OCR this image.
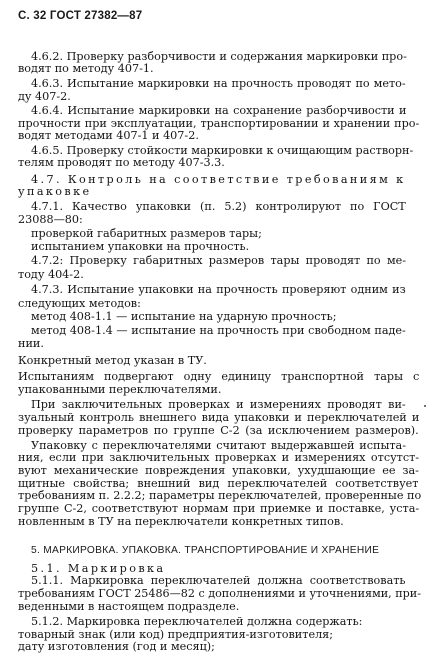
С. 32 ГОСТ 27382—87
4.6.2. Проверку разборчивости и содержания маркировки про-
водят по методу 407-1.
4.6.3. Испытание маркировки на прочность проводят по мето-
ду 407-2.
4.6.4. Испытание маркировки на сохранение разборчивости и
прочности при эксплуатации, транспортировании и хранении про-
водят методами 407-1 и 407-2.
4.6.5. Проверку стойкости маркировки к очищающим растворн-
телям проводят по методу 407-3.3.
4.7. Контроль на соответствие требованиям к
упаковке
4.7.1. Качество упаковки (п. 5.2) контролируют по ГОСТ
23088—80:
проверкой габаритных размеров тары;
испытанием упаковки на прочность.
4.7.2: Проверку габаритных размеров тары проводят по ме-
тоду 404-2.
4.7.3. Испытание упаковки на прочность проверяют одним из
следующих методов:
метод 408-1.1 — испытание на ударную прочность;
метод 408-1.4 — испытание на прочность при свободном паде-
нии.
Конкретный метод указан в ТУ.
Испытаниям подвергают одну единицу транспортной тары с
упакованными переключателями.
При заключительных проверках и измерениях проводят ви-
зуальный контроль внешнего вида упаковки и переключателей и
проверку параметров по группе С-2 (за исключением размеров).
Упаковку с переключателями считают выдержавшей испыта-
ния, если при заключительных проверках и измерениях отсутст-
вуют механические повреждения упаковки, ухудшающие ее за-
щитные свойства; внешний вид переключателей соответствует
требованиям п. 2.2.2; параметры переключателей, проверенные по
группе С-2, соответствуют нормам при приемке и поставке, уста-
новленным в ТУ на переключатели конкретных типов.
5. МАРКИРОВКА. УПАКОВКА. ТРАНСПОРТИРОВАНИЕ И ХРАНЕНИЕ
5.1. Маркировка
5.1.1. Маркировка переключателей должна соответствовать
требованиям ГОСТ 25486—82 с дополнениями и уточнениями, при-
веденными в настоящем подразделе.
5.1.2. Маркировка переключателей должна содержать:
товарный знак (или код) предприятия-изготовителя;
дату изготовления (год и месяц);
